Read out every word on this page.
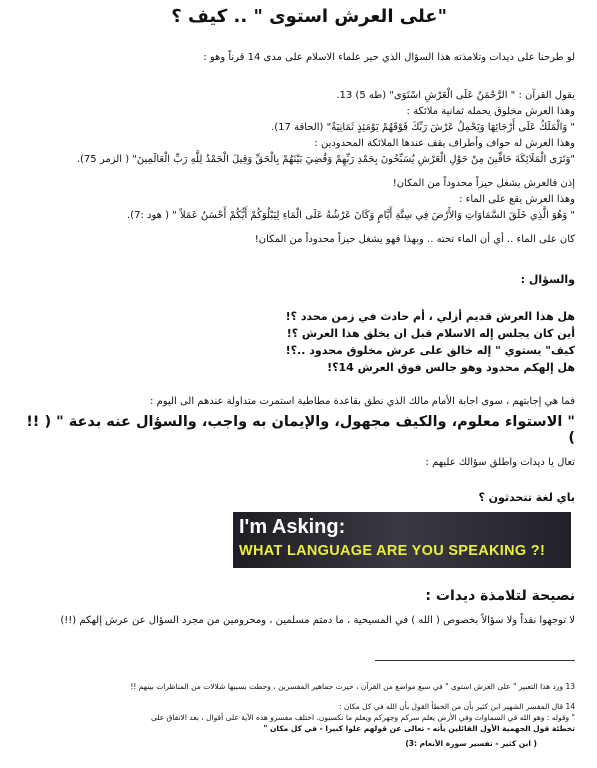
"على العرش استوى " .. كيف ؟
لو طرحنا على ديدات وتلامذته هذا السؤال الذي حير علماء الاسلام على مدى 14 قرناً وهو :
يقول القرآن : " الرَّحْمَنُ عَلَى الْعَرْشِ اسْتَوَى" (طه 5) 13.
وهذا العرش مخلوق يحمله ثمانية ملائكة :
" وَالْمَلَكُ عَلَى أَرْجَائِهَا وَيَحْمِلُ عَرْشَ رَبِّكَ فَوْقَهُمْ يَوْمَئِذٍ ثَمَانِيَةٌ" (الحاقة 17).
وهذا العرش له حواف وأطراف يقف عندها الملائكة المحدودين :
"وَتَرَى الْمَلَائِكَةَ حَافِّينَ مِنْ حَوْلِ الْعَرْشِ يُسَبِّحُونَ بِحَمْدِ رَبِّهِمْ وَقُضِيَ بَيْنَهُمْ بِالْحَقِّ وَقِيلَ الْحَمْدُ لِلَّهِ رَبِّ الْعَالَمِينَ" ( الزمر 75).
إذن فالعرش يشغل حيزاً محدوداً من المكان!
وهذا العرش يقع على الماء :
" وَهُوَ الَّذِي خَلَقَ السَّمَاوَاتِ وَالأَرْضَ فِي سِتَّةِ أَيَّامٍ وَكَانَ عَرْشُهُ عَلَى الْمَاءِ لِيَبْلُوَكُمْ أَيُّكُمْ أَحْسَنُ عَمَلاً " ( هود :7).
كان على الماء .. أي أن الماء تحته .. وبهذا فهو يشغل حيزاً محدوداً من المكان!
والسؤال :
هل هذا العرش قديم أزلي ، أم حادث في زمن محدد ؟!
أين كان يجلس إله الاسلام قبل ان يخلق هذا العرش ؟!
كيف" يستوي " إله خالق على عرش مخلوق محدود ..؟!
هل إلهكم محدود وهو جالس فوق العرش 14؟!
فما هي إجابتهم ، سوى اجابة الأمام مالك الذي نطق بقاعدة مطاطية استمرت متداولة عندهم الى اليوم :
" الاستواء معلوم، والكيف مجهول، والإيمان به واجب، والسؤال عنه بدعة " ( !! )
تعال يا ديدات واطلق سؤالك عليهم :
باي لغة تتحدثون ؟
I'm Asking:
WHAT LANGUAGE ARE YOU SPEAKING ?!
نصيحة لتلامذة ديدات :
لا توجهوا نقداً ولا سؤالاً بخصوص ( الله ) في المسيحية ، ما دمتم مسلمين ، ومحرومين من مجرد السؤال عن عرش إلهكم (!!)
13 ورد هذا التعبير " على العرش استوى " في سبع مواضع من القرآن ، حيرت جماهير المفسرين ، وحطت بسببها شلالات من المناظرات بينهم !!
14 قال المفسر الشهير ابن كثير بأن من الخطأ القول بأن الله في كل مكان :
" وقوله : وهو الله في السماوات وفي الأرض يعلم سركم وجهركم ويعلم ما تكسبون. اختلف مفسرو هذه الآية على أقوال ، بعد الاتفاق على
تخطئة قول الجهمية الأول القائلين بأنه - تعالى عن قولهم علوا كبيرا - في كل مكان "
( ابن كثير - تفسير سورة الأنعام :3)
